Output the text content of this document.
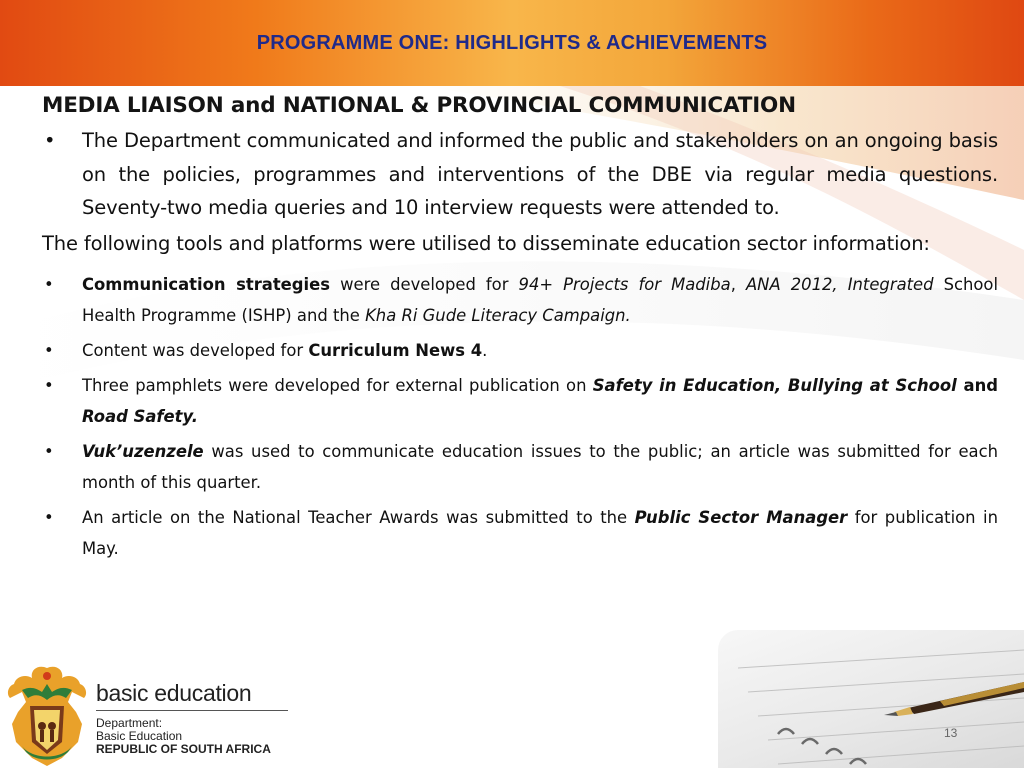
PROGRAMME ONE: HIGHLIGHTS & ACHIEVEMENTS
MEDIA LIAISON and NATIONAL & PROVINCIAL COMMUNICATION
• The Department communicated and informed the public and stakeholders on an ongoing basis on the policies, programmes and interventions of the DBE via regular media questions. Seventy-two media queries and 10 interview requests were attended to.
The following tools and platforms were utilised to disseminate education sector information:
• Communication strategies were developed for 94+ Projects for Madiba, ANA 2012, Integrated School Health Programme (ISHP) and the Kha Ri Gude Literacy Campaign.
• Content was developed for Curriculum News 4.
• Three pamphlets were developed for external publication on Safety in Education, Bullying at School and Road Safety.
• Vuk’uzenzele was used to communicate education issues to the public; an article was submitted for each month of this quarter.
• An article on the National Teacher Awards was submitted to the Public Sector Manager for publication in May.
13
basic education
Department:
Basic Education
REPUBLIC OF SOUTH AFRICA
